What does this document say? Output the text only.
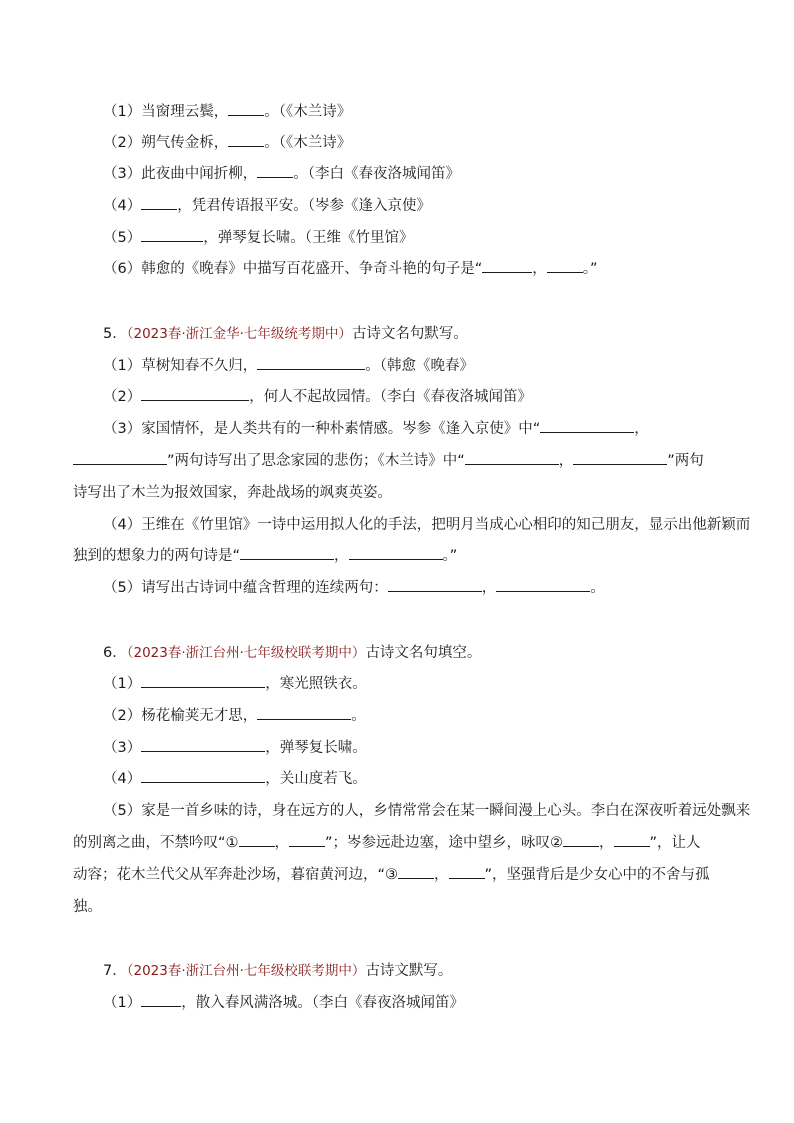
（1）当窗理云鬓， 。（《木兰诗》
（2）朔气传金柝， 。（《木兰诗》
（3）此夜曲中闻折柳， 。（李白《春夜洛城闻笛》
（4） ，凭君传语报平安。（岑参《逢入京使》
（5）	，弹琴复长啸。（王维《竹里馆》
（6）韩愈的《晚春》中描写百花盛开、争奇斗艳的句子是“	， 。”
5．（2023春·浙江金华·七年级统考期中）古诗文名句默写。
（1）草树知春不久归，	。（韩愈《晚春》
（2）	，何人不起故园情。（李白《春夜洛城闻笛》
（3）家国情怀，是人类共有的一种朴素情感。岑参《逢入京使》中“	，
”两句诗写出了思念家园的悲伤；《木兰诗》中“	，	”两句
诗写出了木兰为报效国家，奔赴战场的飒爽英姿。
（4）王维在《竹里馆》一诗中运用拟人化的手法，把明月当成心心相印的知己朋友，显示出他新颖而
独到的想象力的两句诗是“	，	。”
（5）请写出古诗词中蕴含哲理的连续两句：	，	。
6．（2023春·浙江台州·七年级校联考期中）古诗文名句填空。
（1）	，寒光照铁衣。
（2）杨花榆荚无才思，	。
（3）	，弹琴复长啸。
（4）	，关山度若飞。
（5）家是一首乡味的诗，身在远方的人，乡情常常会在某一瞬间漫上心头。李白在深夜听着远处飘来
的别离之曲，不禁吟叹“① ， ”；岑参远赴边塞，途中望乡，咏叹② ， ”，让人
动容；花木兰代父从军奔赴沙场，暮宿黄河边，“③ ， ”，坚强背后是少女心中的不舍与孤
独。
7．（2023春·浙江台州·七年级校联考期中）古诗文默写。
（1）	，散入春风满洛城。（李白《春夜洛城闻笛》
